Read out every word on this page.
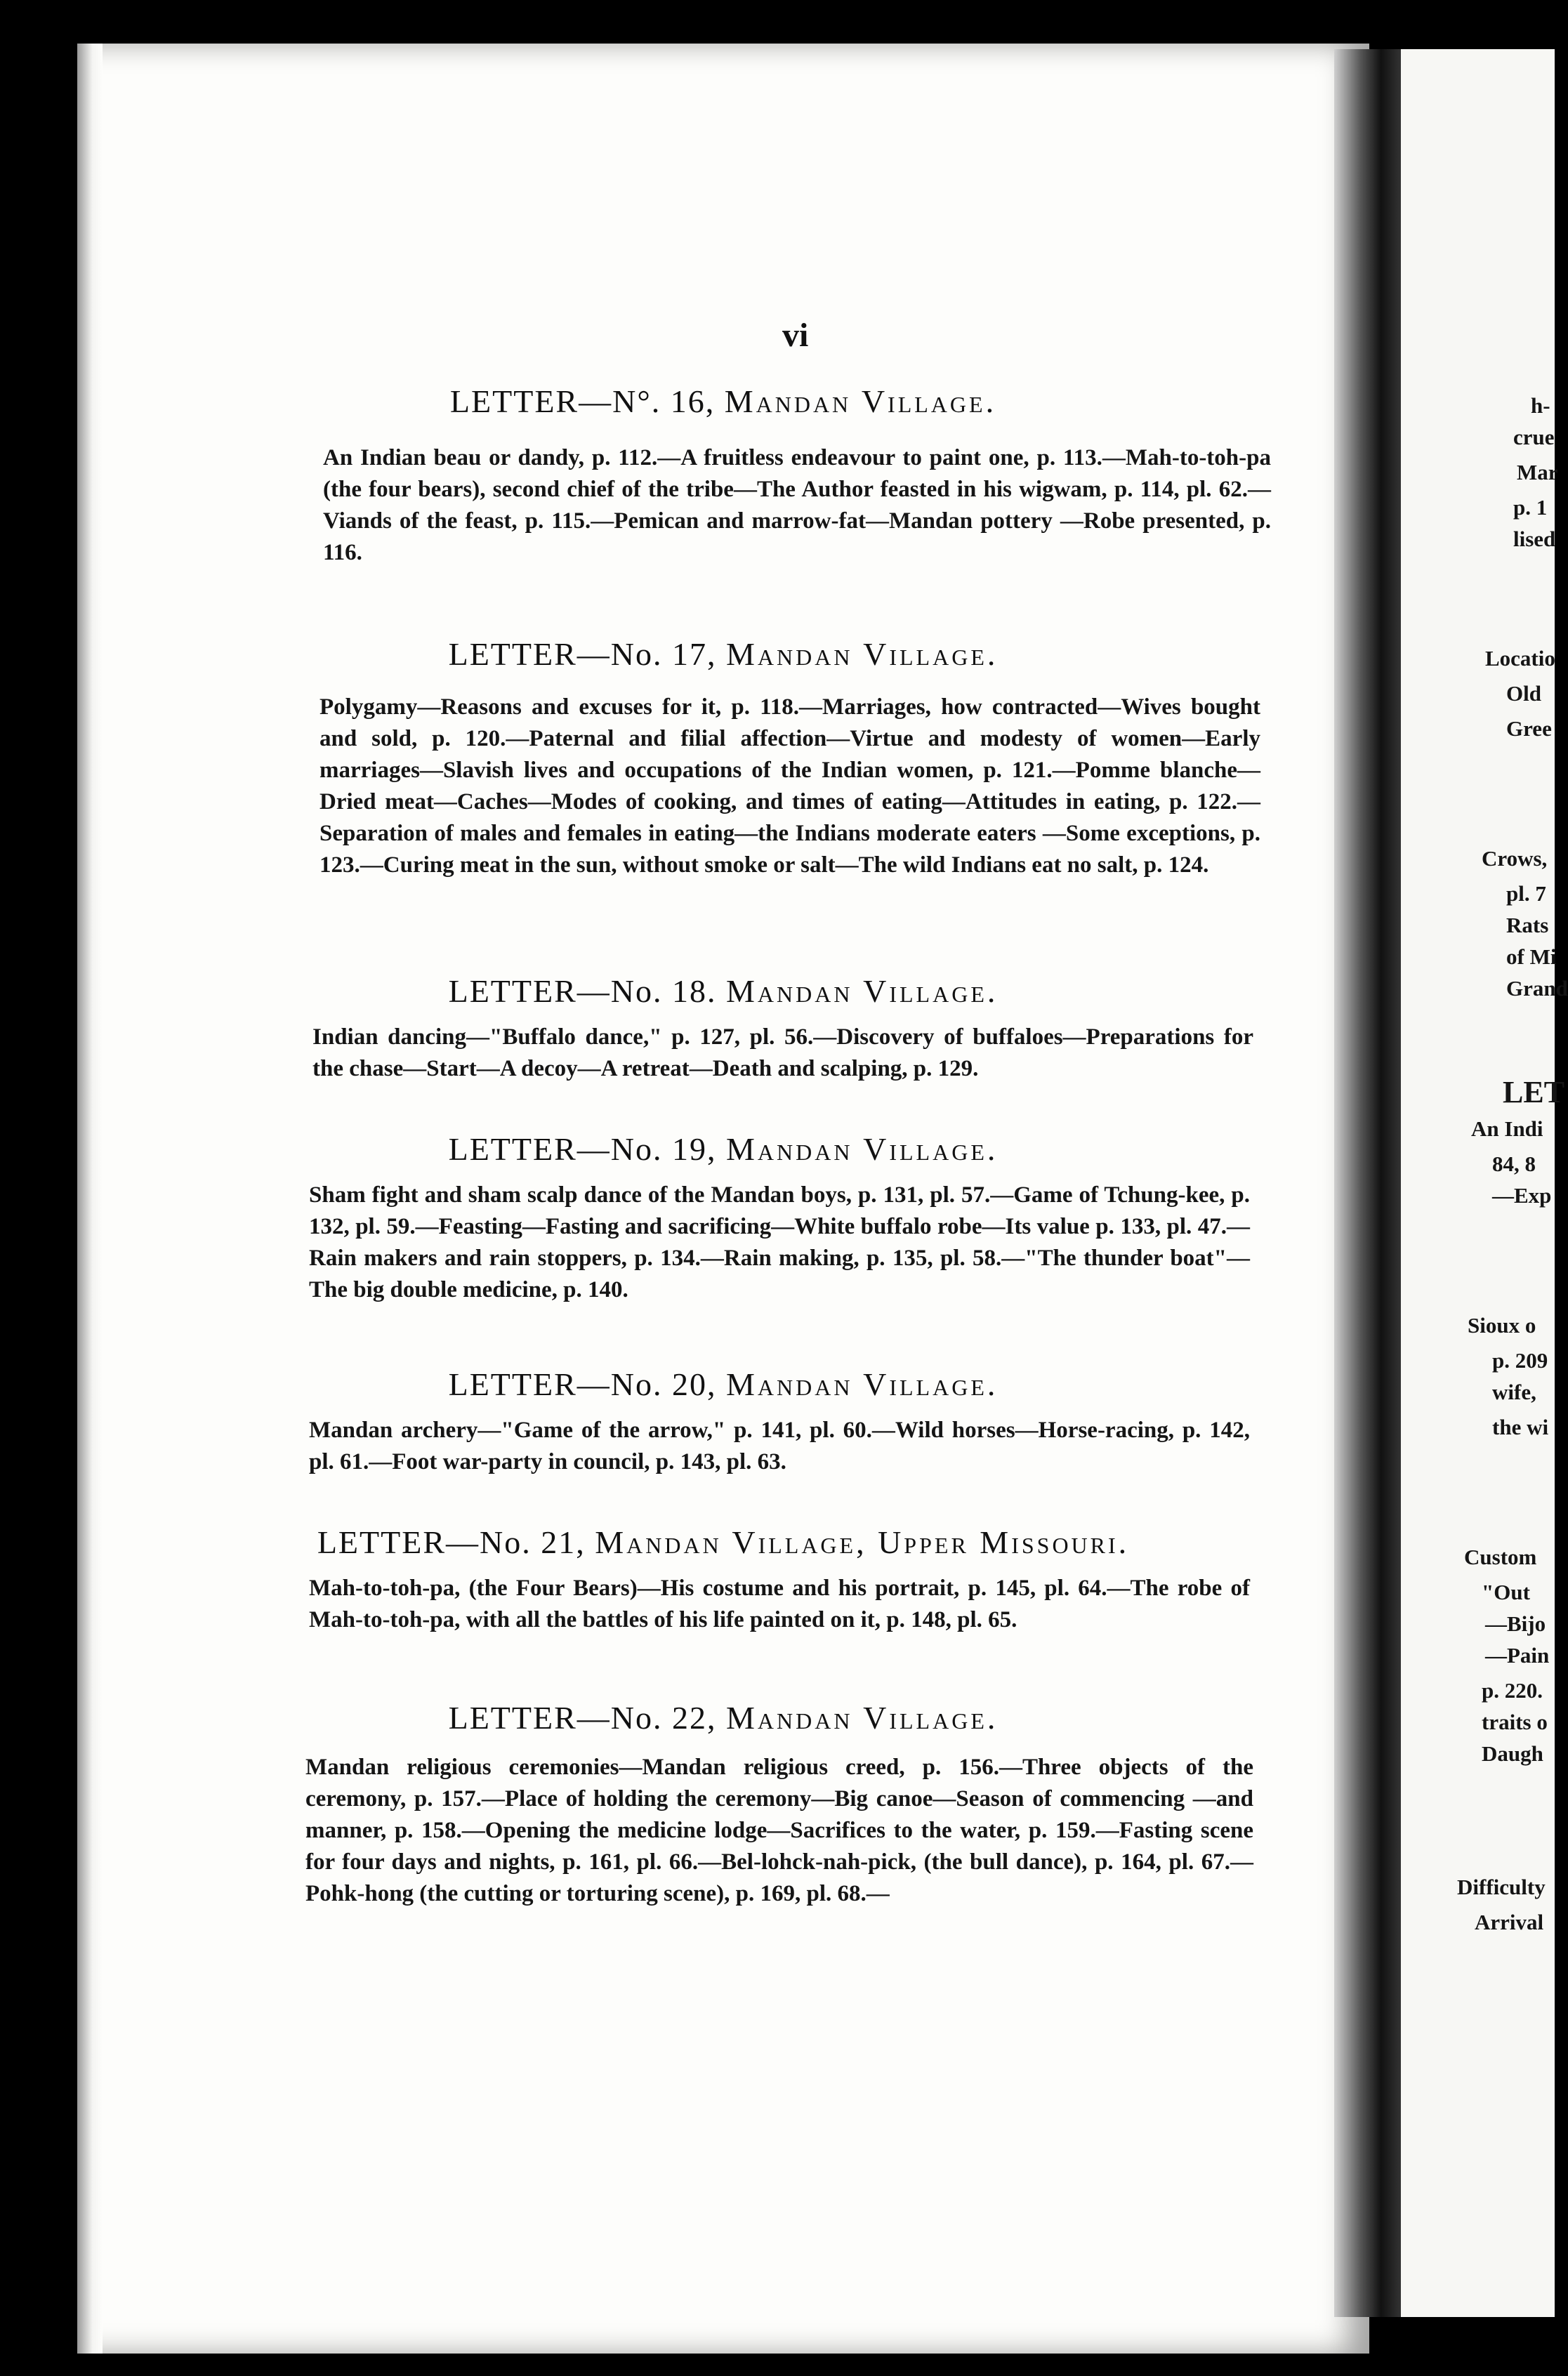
h-
crue
Mar
p. 1
lised
Locatio
Old
Gree
Crows,
pl. 7
Rats
of Mi
Grand
LET
An Indi
84, 8
—Exp
Sioux o
p. 209
wife,
the wi
Custom
"Out
—Bijo
—Pain
p. 220.
traits o
Daugh
Difficulty
Arrival
vi
LETTER—N°. 16, Mandan Village.
An Indian beau or dandy, p. 112.—A fruitless endeavour to paint one, p. 113.—Mah-to-toh-pa (the four bears), second chief of the tribe—The Author feasted in his wigwam, p. 114, pl. 62.—Viands of the feast, p. 115.—Pemican and marrow-fat—Mandan pottery —Robe presented, p. 116.
LETTER—No. 17, Mandan Village.
Polygamy—Reasons and excuses for it, p. 118.—Marriages, how contracted—Wives bought and sold, p. 120.—Paternal and filial affection—Virtue and modesty of women—Early marriages—Slavish lives and occupations of the Indian women, p. 121.—Pomme blanche—Dried meat—Caches—Modes of cooking, and times of eating—Attitudes in eating, p. 122.—Separation of males and females in eating—the Indians moderate eaters —Some exceptions, p. 123.—Curing meat in the sun, without smoke or salt—The wild Indians eat no salt, p. 124.
LETTER—No. 18. Mandan Village.
Indian dancing—"Buffalo dance," p. 127, pl. 56.—Discovery of buffaloes—Preparations for the chase—Start—A decoy—A retreat—Death and scalping, p. 129.
LETTER—No. 19, Mandan Village.
Sham fight and sham scalp dance of the Mandan boys, p. 131, pl. 57.—Game of Tchung-kee, p. 132, pl. 59.—Feasting—Fasting and sacrificing—White buffalo robe—Its value p. 133, pl. 47.—Rain makers and rain stoppers, p. 134.—Rain making, p. 135, pl. 58.—"The thunder boat"—The big double medicine, p. 140.
LETTER—No. 20, Mandan Village.
Mandan archery—"Game of the arrow," p. 141, pl. 60.—Wild horses—Horse-racing, p. 142, pl. 61.—Foot war-party in council, p. 143, pl. 63.
LETTER—No. 21, Mandan Village, Upper Missouri.
Mah-to-toh-pa, (the Four Bears)—His costume and his portrait, p. 145, pl. 64.—The robe of Mah-to-toh-pa, with all the battles of his life painted on it, p. 148, pl. 65.
LETTER—No. 22, Mandan Village.
Mandan religious ceremonies—Mandan religious creed, p. 156.—Three objects of the ceremony, p. 157.—Place of holding the ceremony—Big canoe—Season of commencing —and manner, p. 158.—Opening the medicine lodge—Sacrifices to the water, p. 159.—Fasting scene for four days and nights, p. 161, pl. 66.—Bel-lohck-nah-pick, (the bull dance), p. 164, pl. 67.—Pohk-hong (the cutting or torturing scene), p. 169, pl. 68.—
